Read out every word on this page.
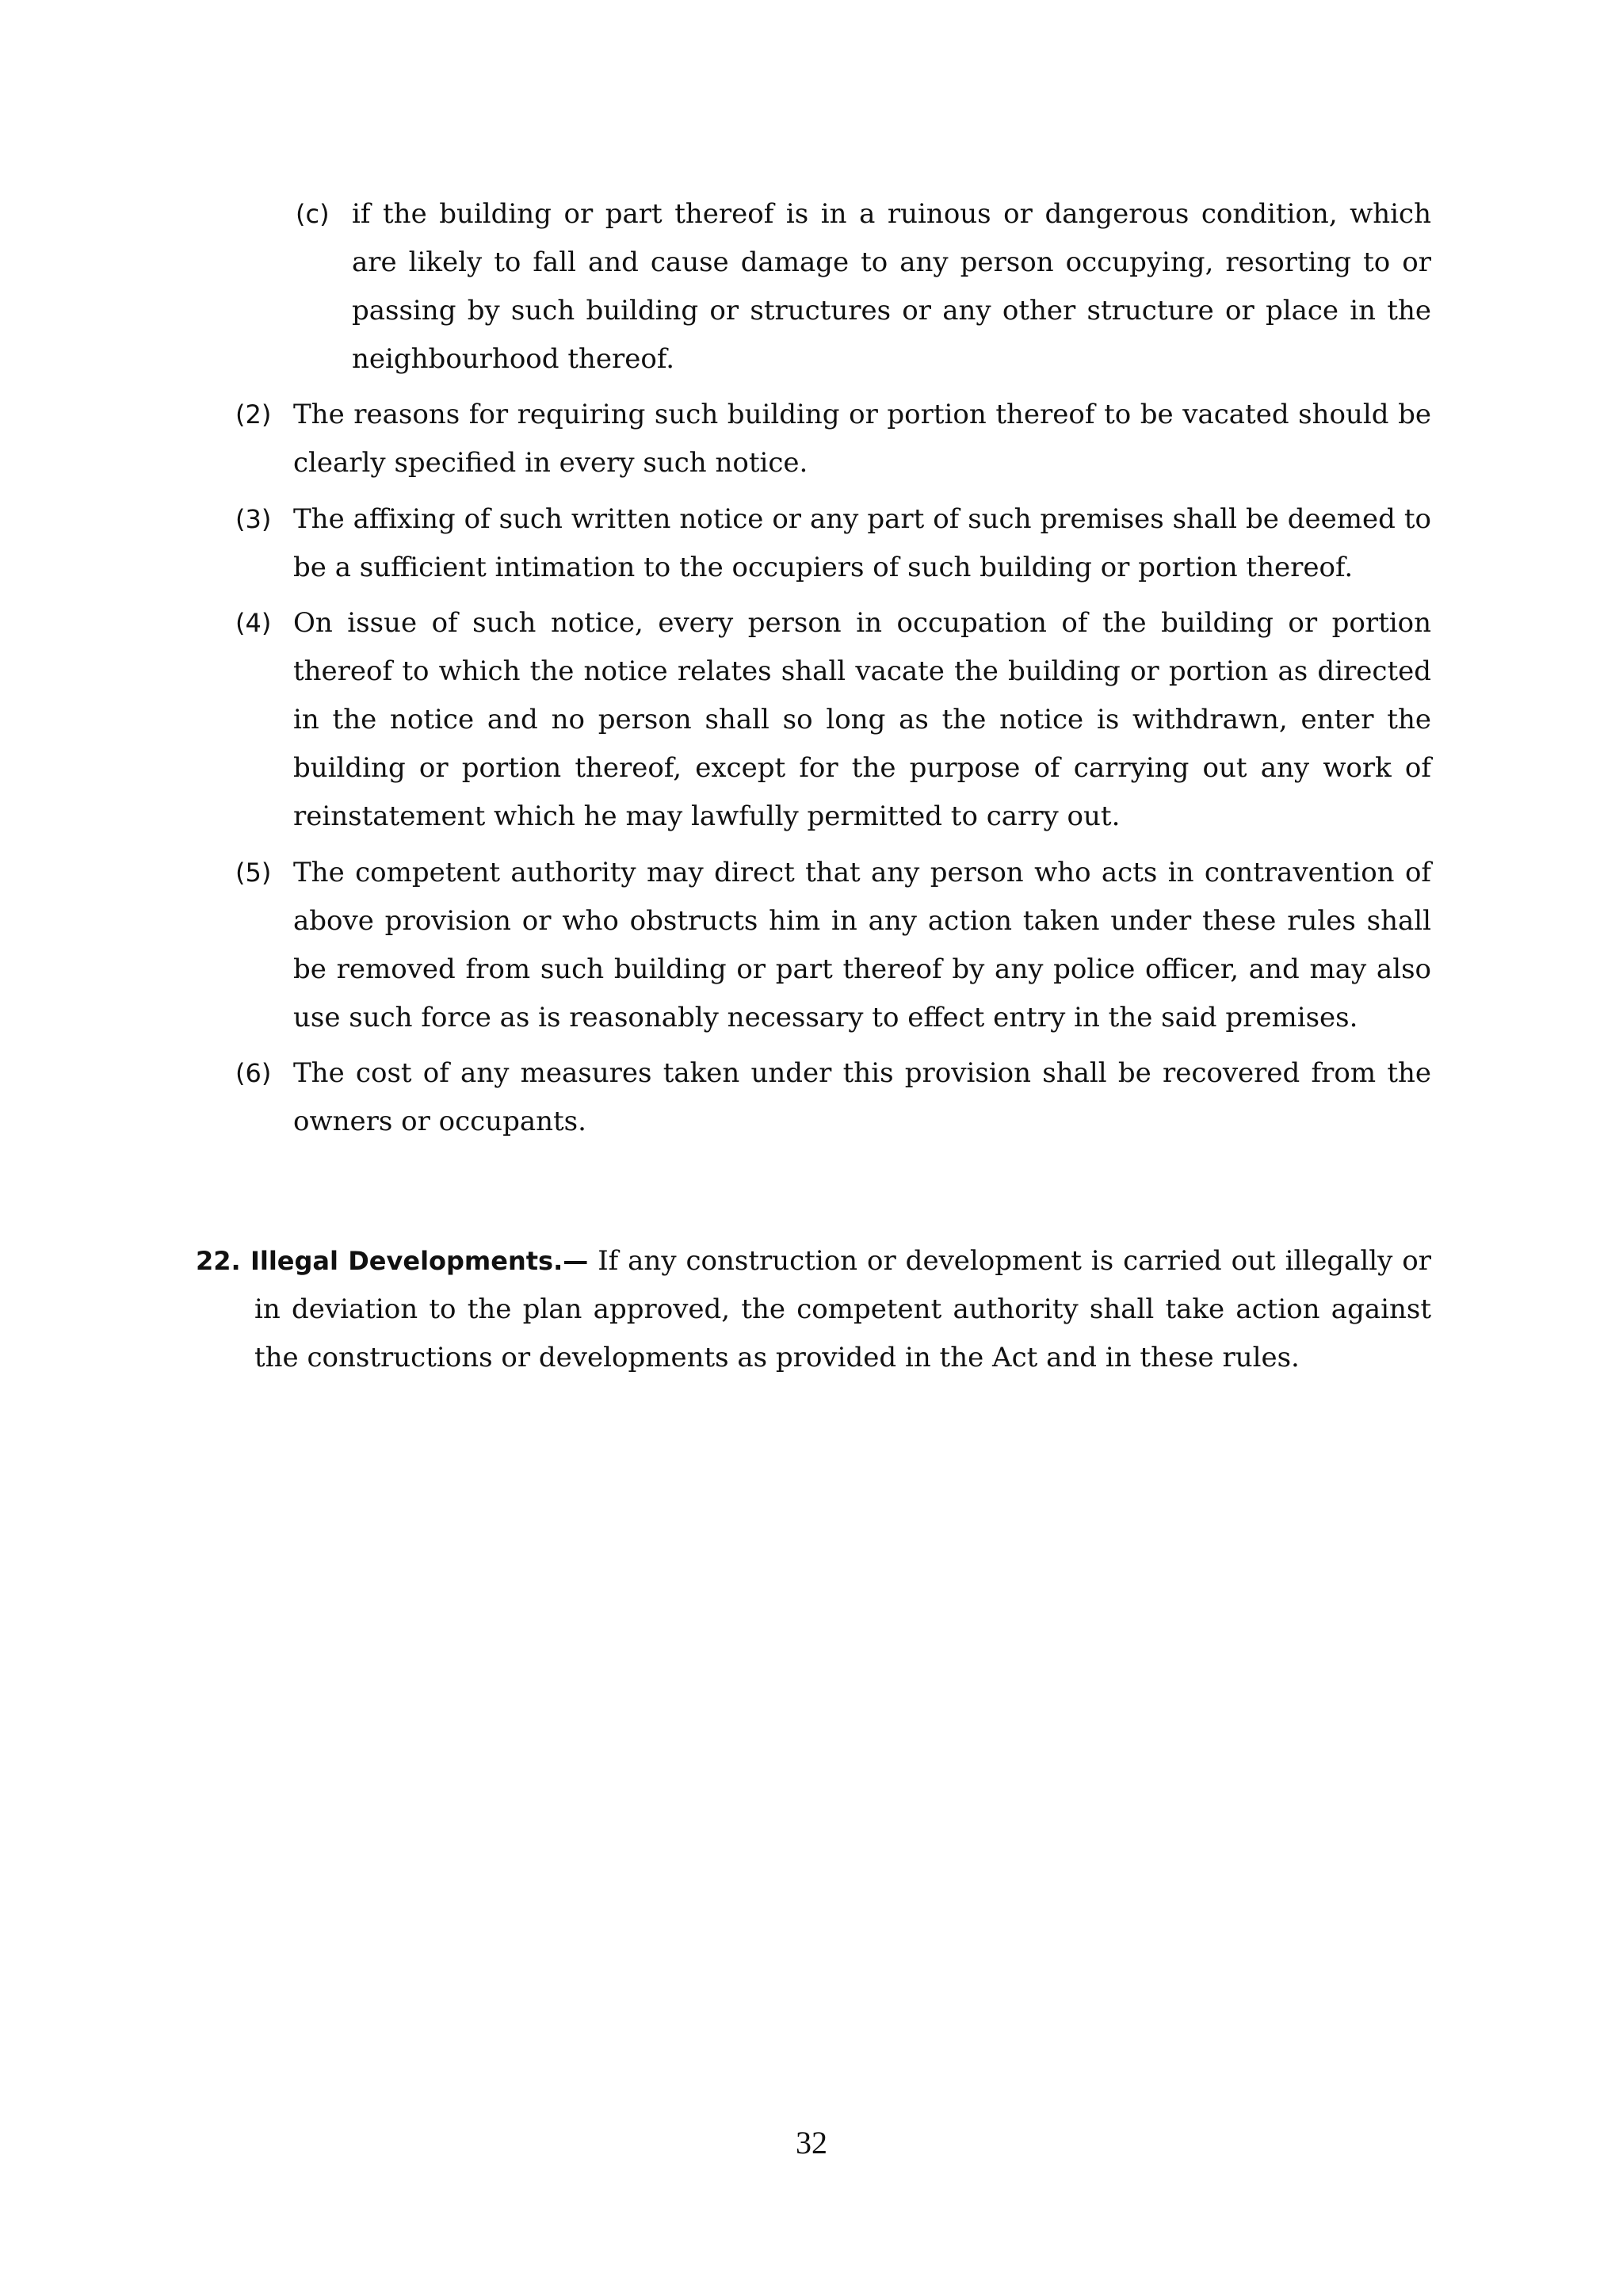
(c) if the building or part thereof is in a ruinous or dangerous condition, which are likely to fall and cause damage to any person occupying, resorting to or passing by such building or structures or any other structure or place in the neighbourhood thereof.

(2) The reasons for requiring such building or portion thereof to be vacated should be clearly specified in every such notice.

(3) The affixing of such written notice or any part of such premises shall be deemed to be a sufficient intimation to the occupiers of such building or portion thereof.

(4) On issue of such notice, every person in occupation of the building or portion thereof to which the notice relates shall vacate the building or portion as directed in the notice and no person shall so long as the notice is withdrawn, enter the building or portion thereof, except for the purpose of carrying out any work of reinstatement which he may lawfully permitted to carry out.

(5) The competent authority may direct that any person who acts in contravention of above provision or who obstructs him in any action taken under these rules shall be removed from such building or part thereof by any police officer, and may also use such force as is reasonably necessary to effect entry in the said premises.

(6) The cost of any measures taken under this provision shall be recovered from the owners or occupants.

22. Illegal Developments.— If any construction or development is carried out illegally or in deviation to the plan approved, the competent authority shall take action against the constructions or developments as provided in the Act and in these rules.

32
